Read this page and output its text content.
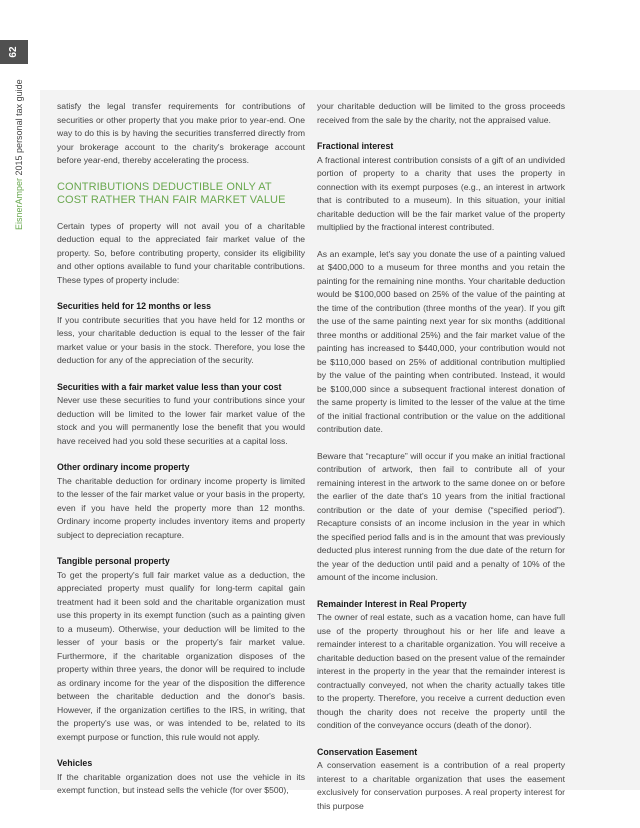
62
EisnerAmper 2015 personal tax guide	satisfy the legal transfer requirements for contributions of securities or other property that you make prior to year-end. One way to do this is by having the securities transferred directly from your brokerage account to the charity's brokerage account before year-end, thereby accelerating the process.

CONTRIBUTIONS DEDUCTIBLE ONLY AT COST RATHER THAN FAIR MARKET VALUE

Certain types of property will not avail you of a charitable deduction equal to the appreciated fair market value of the property. So, before contributing property, consider its eligibility and other options available to fund your charitable contributions. These types of property include:

Securities held for 12 months or less

If you contribute securities that you have held for 12 months or less, your charitable deduction is equal to the lesser of the fair market value or your basis in the stock. Therefore, you lose the deduction for any of the appreciation of the security.

Securities with a fair market value less than your cost

Never use these securities to fund your contributions since your deduction will be limited to the lower fair market value of the stock and you will permanently lose the benefit that you would have received had you sold these securities at a capital loss.

Other ordinary income property

The charitable deduction for ordinary income property is limited to the lesser of the fair market value or your basis in the property, even if you have held the property more than 12 months. Ordinary income property includes inventory items and property subject to depreciation recapture.

Tangible personal property

To get the property's full fair market value as a deduction, the appreciated property must qualify for long-term capital gain treatment had it been sold and the charitable organization must use this property in its exempt function (such as a painting given to a museum). Otherwise, your deduction will be limited to the lesser of your basis or the property's fair market value. Furthermore, if the charitable organization disposes of the property within three years, the donor will be required to include as ordinary income for the year of the disposition the difference between the charitable deduction and the donor's basis. However, if the organization certifies to the IRS, in writing, that the property's use was, or was intended to be, related to its exempt purpose or function, this rule would not apply.

Vehicles

If the charitable organization does not use the vehicle in its exempt function, but instead sells the vehicle (for over $500),

your charitable deduction will be limited to the gross proceeds received from the sale by the charity, not the appraised value.

Fractional interest

A fractional interest contribution consists of a gift of an undivided portion of property to a charity that uses the property in connection with its exempt purposes (e.g., an interest in artwork that is contributed to a museum). In this situation, your initial charitable deduction will be the fair market value of the property multiplied by the fractional interest contributed.

As an example, let's say you donate the use of a painting valued at $400,000 to a museum for three months and you retain the painting for the remaining nine months. Your charitable deduction would be $100,000 based on 25% of the value of the painting at the time of the contribution (three months of the year). If you gift the use of the same painting next year for six months (additional three months or additional 25%) and the fair market value of the painting has increased to $440,000, your contribution would not be $110,000 based on 25% of additional contribution multiplied by the value of the painting when contributed. Instead, it would be $100,000 since a subsequent fractional interest donation of the same property is limited to the lesser of the value at the time of the initial fractional contribution or the value on the additional contribution date.

Beware that “recapture” will occur if you make an initial fractional contribution of artwork, then fail to contribute all of your remaining interest in the artwork to the same donee on or before the earlier of the date that's 10 years from the initial fractional contribution or the date of your demise (“specified period”). Recapture consists of an income inclusion in the year in which the specified period falls and is in the amount that was previously deducted plus interest running from the due date of the return for the year of the deduction until paid and a penalty of 10% of the amount of the income inclusion.

Remainder Interest in Real Property

The owner of real estate, such as a vacation home, can have full use of the property throughout his or her life and leave a remainder interest to a charitable organization. You will receive a charitable deduction based on the present value of the remainder interest in the property in the year that the remainder interest is contractually conveyed, not when the charity actually takes title to the property. Therefore, you receive a current deduction even though the charity does not receive the property until the condition of the conveyance occurs (death of the donor).

Conservation Easement

A conservation easement is a contribution of a real property interest to a charitable organization that uses the easement exclusively for conservation purposes. A real property interest for this purpose
